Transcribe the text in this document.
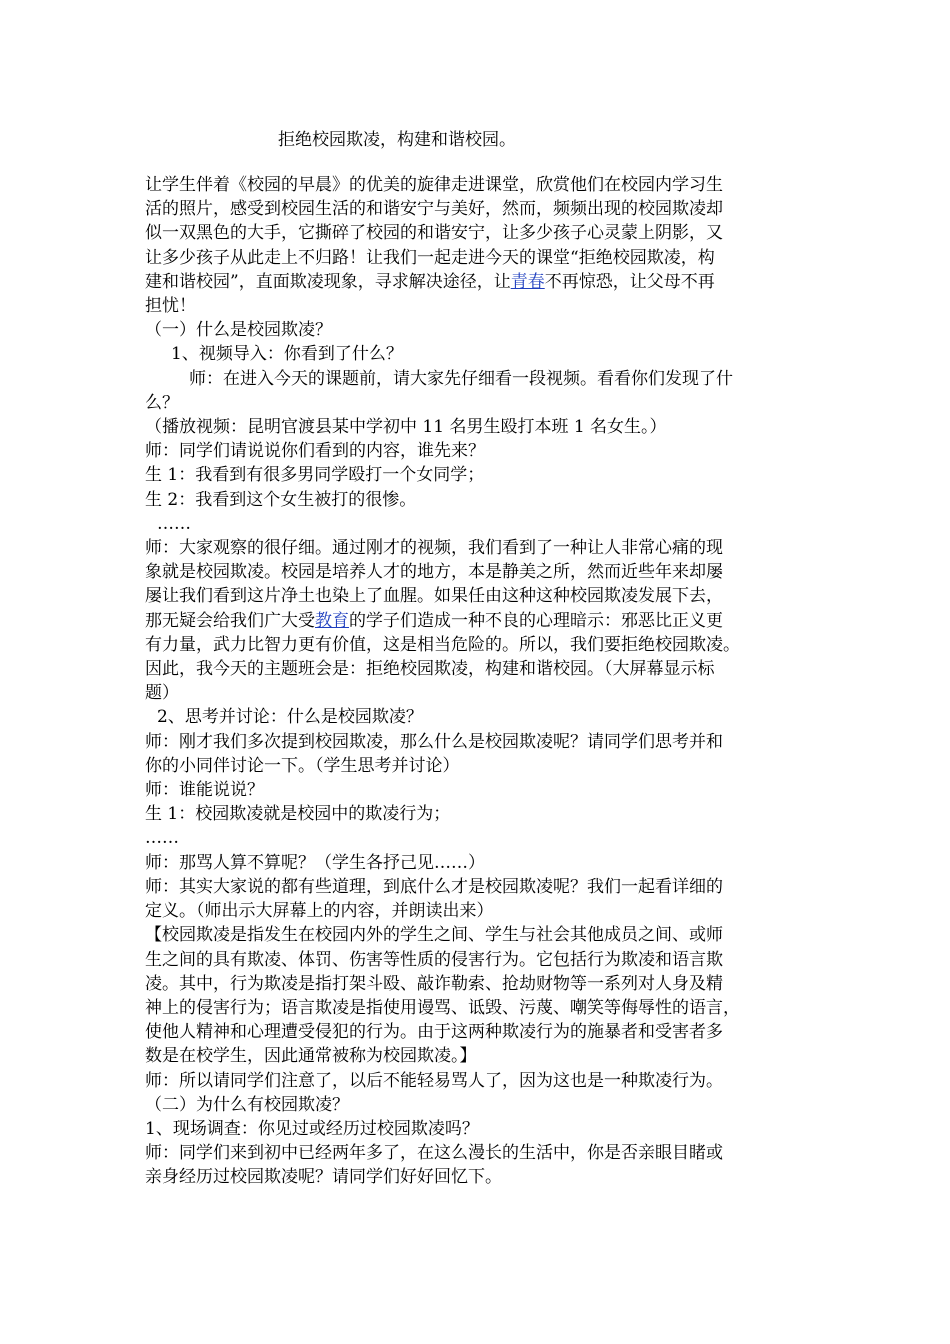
拒绝校园欺凌，构建和谐校园。

让学生伴着《校园的早晨》的优美的旋律走进课堂，欣赏他们在校园内学习生

活的照片，感受到校园生活的和谐安宁与美好，然而，频频出现的校园欺凌却

似一双黑色的大手，它撕碎了校园的和谐安宁，让多少孩子心灵蒙上阴影，又

让多少孩子从此走上不归路！让我们一起走进今天的课堂“拒绝校园欺凌，构

建和谐校园”，直面欺凌现象，寻求解决途径，让青春不再惊恐，让父母不再

担忧！

（一）什么是校园欺凌？

1、视频导入：你看到了什么？

师：在进入今天的课题前，请大家先仔细看一段视频。看看你们发现了什

么？

（播放视频：昆明官渡县某中学初中 11 名男生殴打本班 1 名女生。）

师：同学们请说说你们看到的内容，谁先来？

生 1：我看到有很多男同学殴打一个女同学；

生 2：我看到这个女生被打的很惨。

……

师：大家观察的很仔细。通过刚才的视频，我们看到了一种让人非常心痛的现

象就是校园欺凌。校园是培养人才的地方，本是静美之所，然而近些年来却屡

屡让我们看到这片净土也染上了血腥。如果任由这种这种校园欺凌发展下去，

那无疑会给我们广大受教育的学子们造成一种不良的心理暗示：邪恶比正义更

有力量，武力比智力更有价值，这是相当危险的。所以，我们要拒绝校园欺凌。

因此，我今天的主题班会是：拒绝校园欺凌，构建和谐校园。（大屏幕显示标

题）

2、思考并讨论：什么是校园欺凌？

师：刚才我们多次提到校园欺凌，那么什么是校园欺凌呢？请同学们思考并和

你的小同伴讨论一下。（学生思考并讨论）

师：谁能说说？

生 1：校园欺凌就是校园中的欺凌行为；

……

师：那骂人算不算呢？（学生各抒己见……）

师：其实大家说的都有些道理，到底什么才是校园欺凌呢？我们一起看详细的

定义。（师出示大屏幕上的内容，并朗读出来）

【校园欺凌是指发生在校园内外的学生之间、学生与社会其他成员之间、或师

生之间的具有欺凌、体罚、伤害等性质的侵害行为。它包括行为欺凌和语言欺

凌。其中，行为欺凌是指打架斗殴、敲诈勒索、抢劫财物等一系列对人身及精

神上的侵害行为；语言欺凌是指使用谩骂、诋毁、污蔑、嘲笑等侮辱性的语言，

使他人精神和心理遭受侵犯的行为。由于这两种欺凌行为的施暴者和受害者多

数是在校学生，因此通常被称为校园欺凌。】

师：所以请同学们注意了，以后不能轻易骂人了，因为这也是一种欺凌行为。

（二）为什么有校园欺凌？

1、现场调查：你见过或经历过校园欺凌吗？

师：同学们来到初中已经两年多了，在这么漫长的生活中，你是否亲眼目睹或

亲身经历过校园欺凌呢？请同学们好好回忆下。
